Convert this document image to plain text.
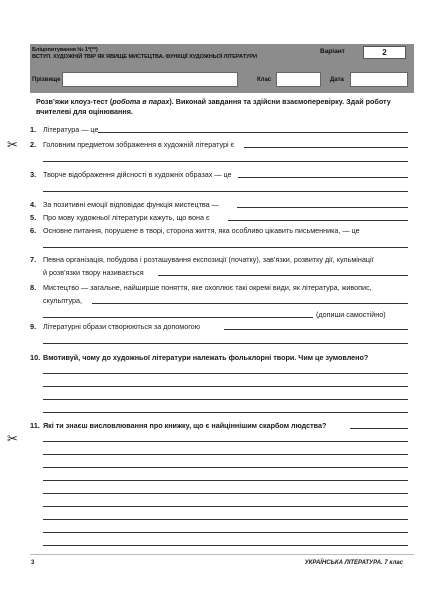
Бліцопитування № 1*(**)
ВСТУП. ХУДОЖНІЙ ТВІР ЯК ЯВИЩЕ МИСТЕЦТВА. ФУНКЦІЇ ХУДОЖНЬОЇ ЛІТЕРАТУРИ
Варіант	2
Прізвище	Клас	Дата
Розв’яжи клоуз-тест (робота в парах). Виконай завдання та здійсни взаємоперевірку. Здай роботу вчителеві для оцінювання.
1. Література — це
2. Головним предметом зображення в художній літературі є
3. Творче відображення дійсності в художніх образах — це
4. За позитивні емоції відповідає функція мистецтва —
5. Про мову художньої літератури кажуть, що вона є
6. Основне питання, порушене в творі, сторона життя, яка особливо цікавить письменника, — це
7. Певна організація, побудова і розташування експозиції (початку), зав’язки, розвитку дії, кульмінації
й розв’язки твору називається
8. Мистецтво — загальне, найширше поняття, яке охоплює такі окремі види, як література, живопис,
скульптура,
(допиши самостійно)
9. Літературні образи створюються за допомогою
10. Вмотивуй, чому до художньої літератури належать фольклорні твори. Чим це зумовлено?
11. Які ти знаєш висловлювання про книжку, що є найціннішим скарбом людства?
✂
✂
3	УКРАЇНСЬКА ЛІТЕРАТУРА. 7 клас
